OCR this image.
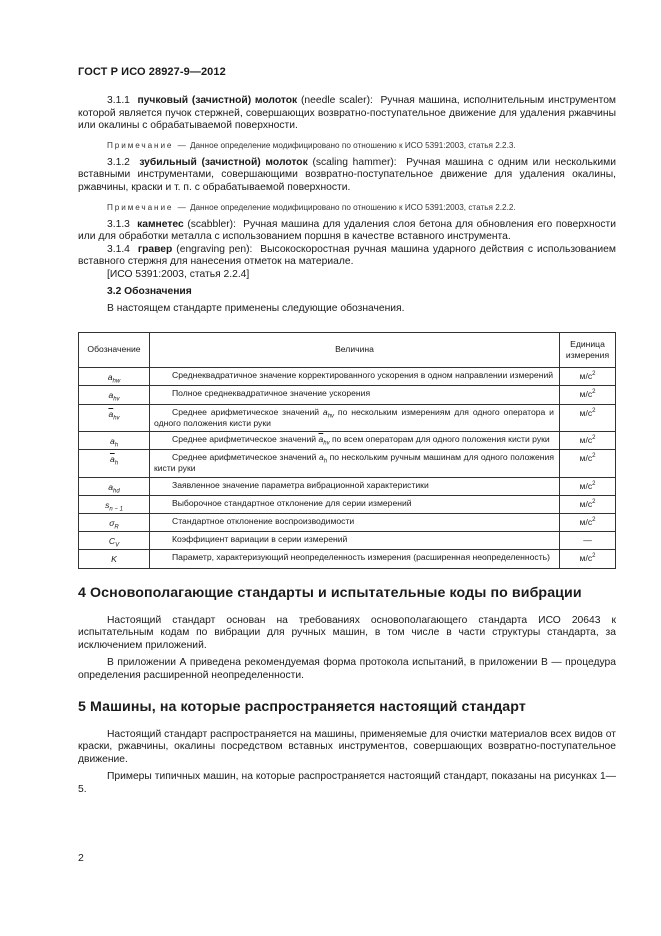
ГОСТ Р ИСО 28927-9—2012

3.1.1 пучковый (зачистной) молоток (needle scaler): Ручная машина, исполнительным инструментом которой является пучок стержней, совершающих возвратно-поступательное движение для удаления ржавчины или окалины с обрабатываемой поверхности.

Примечание — Данное определение модифицировано по отношению к ИСО 5391:2003, статья 2.2.3.

3.1.2 зубильный (зачистной) молоток (scaling hammer): Ручная машина с одним или несколькими вставными инструментами, совершающими возвратно-поступательное движение для удаления окалины, ржавчины, краски и т. п. с обрабатываемой поверхности.

Примечание — Данное определение модифицировано по отношению к ИСО 5391:2003, статья 2.2.2.

3.1.3 камнетес (scabbler): Ручная машина для удаления слоя бетона для обновления его поверхности или для обработки металла с использованием поршня в качестве вставного инструмента.

3.1.4 гравер (engraving pen): Высокоскоростная ручная машина ударного действия с использованием вставного стержня для нанесения отметок на материале.

[ИСО 5391:2003, статья 2.2.4]

3.2 Обозначения

В настоящем стандарте применены следующие обозначения.

Обозначение	Величина	Единица измерения
$a_{hw}$	Среднеквадратичное значение корректированного ускорения в одном направлении измерений	$м/с^2$
$a_{hv}$	Полное среднеквадратичное значение ускорения	$м/с^2$
$\overline{a}_{hv}$	Среднее арифметическое значений $a_{hv}$ по нескольким измерениям для одного оператора и одного положения кисти руки	$м/с^2$
$a_h$	Среднее арифметическое значений $\overline{a}_{hv}$ по всем операторам для одного положения кисти руки	$м/с^2$
$\overline{a}_h$	Среднее арифметическое значений $a_h$ по нескольким ручным машинам для одного положения кисти руки	$м/с^2$
$a_{hd}$	Заявленное значение параметра вибрационной характеристики	$м/с^2$
$s_{n - 1}$	Выборочное стандартное отклонение для серии измерений	$м/с^2$
$\sigma_R$	Стандартное отклонение воспроизводимости	$м/с^2$
$C_V$	Коэффициент вариации в серии измерений	—
K	Параметр, характеризующий неопределенность измерения (расширенная неопределенность)	$м/с^2$
4 Основополагающие стандарты и испытательные коды по вибрации

Настоящий стандарт основан на требованиях основополагающего стандарта ИСО 20643 к испытательным кодам по вибрации для ручных машин, в том числе в части структуры стандарта, за исключением приложений.

В приложении А приведена рекомендуемая форма протокола испытаний, в приложении В — процедура определения расширенной неопределенности.

5 Машины, на которые распространяется настоящий стандарт

Настоящий стандарт распространяется на машины, применяемые для очистки материалов всех видов от краски, ржавчины, окалины посредством вставных инструментов, совершающих возвратно-поступательное движение.

Примеры типичных машин, на которые распространяется настоящий стандарт, показаны на рисунках 1—5.

2
